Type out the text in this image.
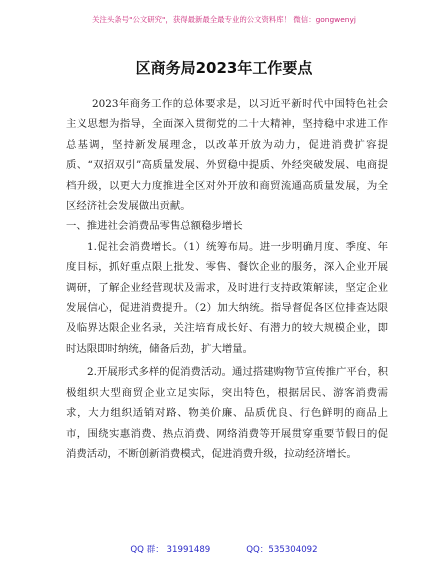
关注头条号"公文研究"，获得最新最全最专业的公文资料库！ 微信：gongwenyj
区商务局2023年工作要点

2023年商务工作的总体要求是，以习近平新时代中国特色社会主义思想为指导，全面深入贯彻党的二十大精神，坚持稳中求进工作总基调，坚持新发展理念，以改革开放为动力，促进消费扩容提质、“双招双引”高质量发展、外贸稳中提质、外经突破发展、电商提档升级，以更大力度推进全区对外开放和商贸流通高质量发展，为全区经济社会发展做出贡献。

一、推进社会消费品零售总额稳步增长

1.促社会消费增长。（1）统筹布局。进一步明确月度、季度、年度目标，抓好重点限上批发、零售、餐饮企业的服务，深入企业开展调研，了解企业经营现状及需求，及时进行支持政策解读，坚定企业发展信心，促进消费提升。（2）加大纳统。指导督促各区位排查达限及临界达限企业名录，关注培育成长好、有潜力的较大规模企业，即时达限即时纳统，储备后劲，扩大增量。

2.开展形式多样的促消费活动。通过搭建购物节宣传推广平台，积极组织大型商贸企业立足实际，突出特色，根据居民、游客消费需求，大力组织适销对路、物美价廉、品质优良、行色鲜明的商品上市，围绕实惠消费、热点消费、网络消费等开展贯穿重要节假日的促消费活动，不断创新消费模式，促进消费升级，拉动经济增长。

QQ 群： 31991489	QQ：535304092
